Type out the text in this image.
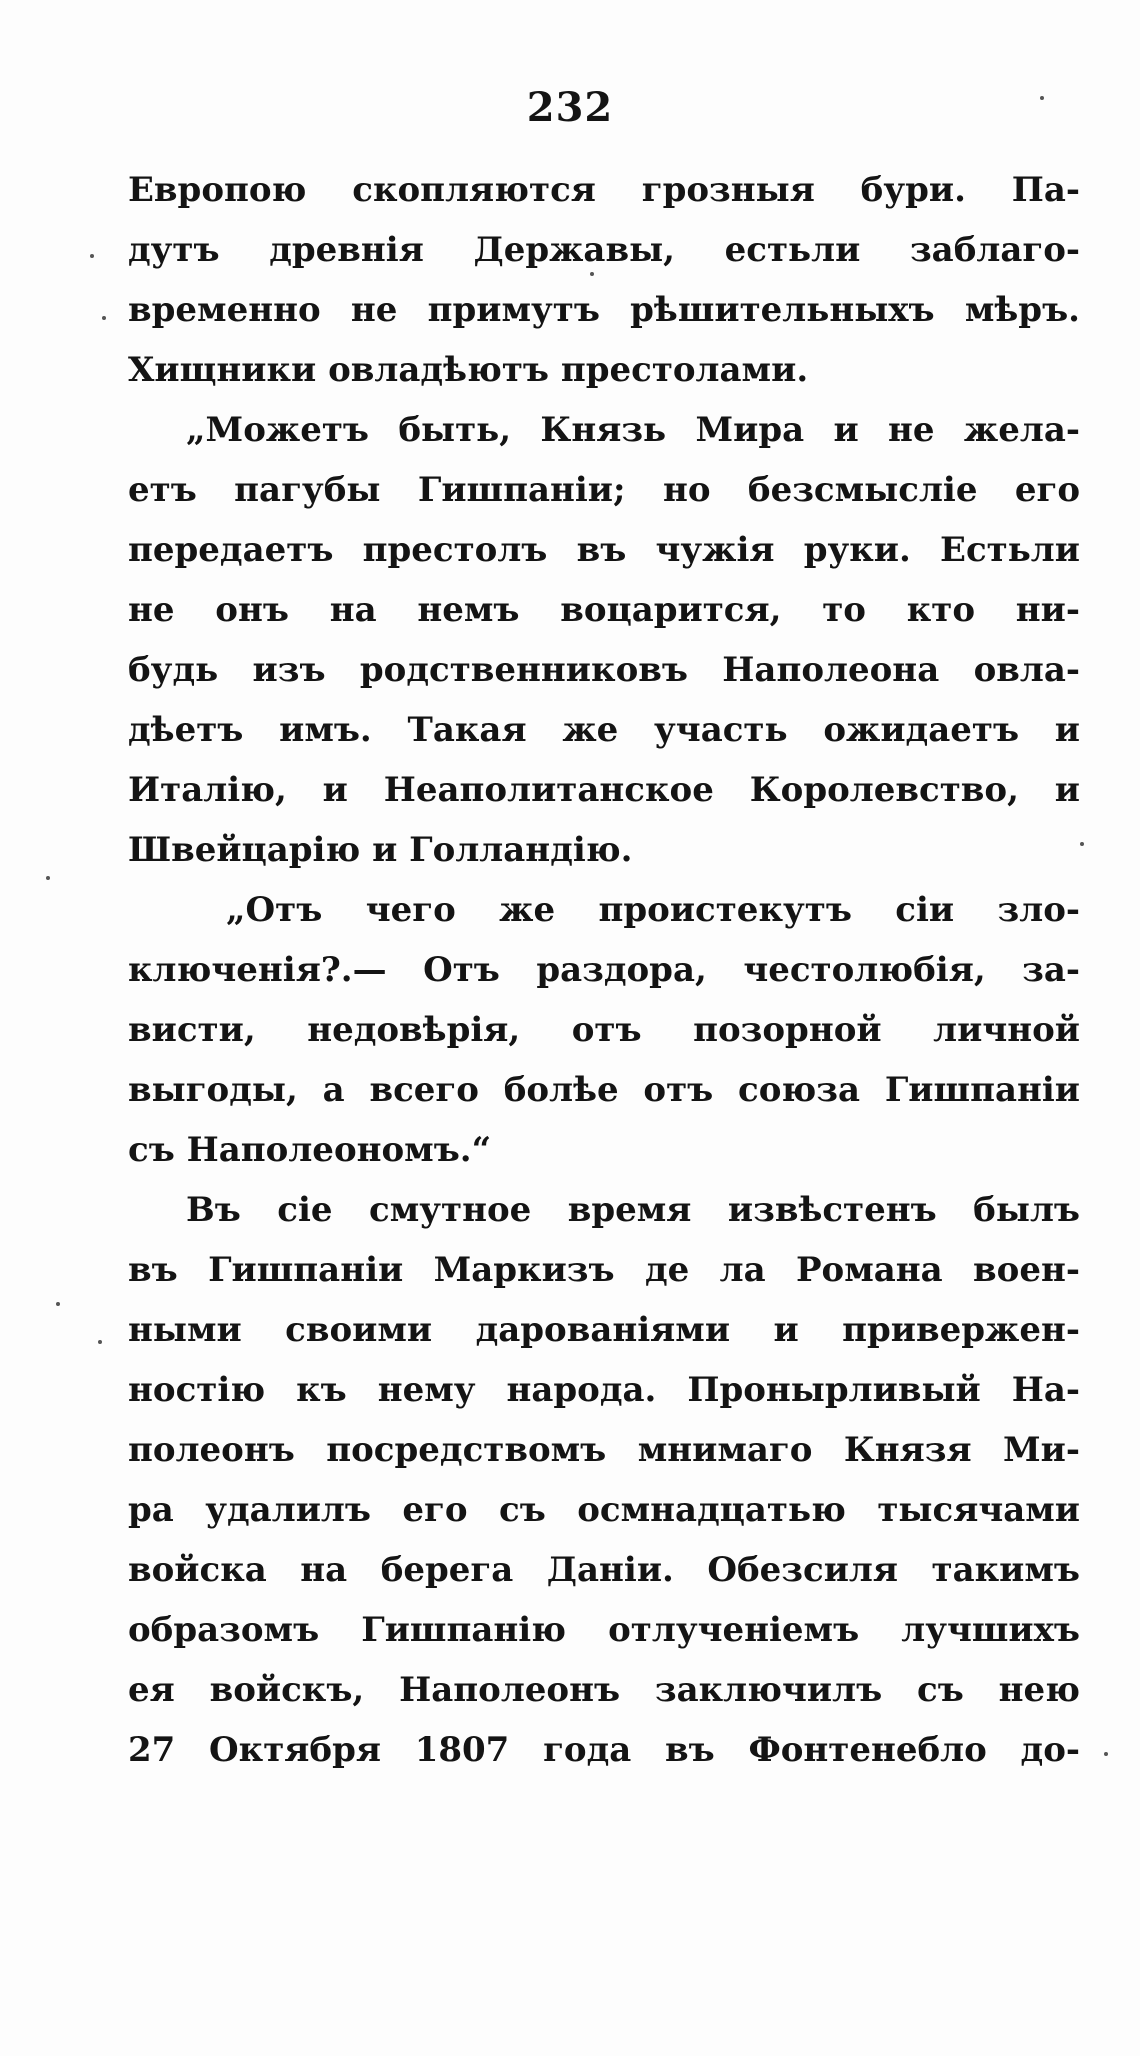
232
Европою скопляются грозныя бури. Па-
дутъ древнія Державы, естьли заблаго-
временно не примутъ рѣшительныхъ мѣръ.
Хищники овладѣютъ престолами.
„Можетъ быть, Князь Мира и не жела-
етъ пагубы Гишпаніи; но безсмысліе его
передаетъ престолъ въ чужія руки. Естьли
не онъ на немъ воцарится, то кто ни-
будь изъ родственниковъ Наполеона овла-
дѣетъ имъ. Такая же участь ожидаетъ и
Италію, и Неаполитанское Королевство, и
Швейцарію и Голландію.
„Отъ чего же проистекутъ сіи зло-
ключенія?.— Отъ раздора, честолюбія, за-
висти, недовѣрія, отъ позорной личной
выгоды, а всего болѣе отъ союза Гишпаніи
съ Наполеономъ.“
Въ сіе смутное время извѣстенъ былъ
въ Гишпаніи Маркизъ де ла Романа воен-
ными своими дарованіями и привержен-
ностію къ нему народа. Пронырливый На-
полеонъ посредствомъ мнимаго Князя Ми-
ра удалилъ его съ осмнадцатью тысячами
войска на берега Даніи. Обезсиля такимъ
образомъ Гишпанію отлученіемъ лучшихъ
ея войскъ, Наполеонъ заключилъ съ нею
27 Октября 1807 года въ Фонтенебло до-
